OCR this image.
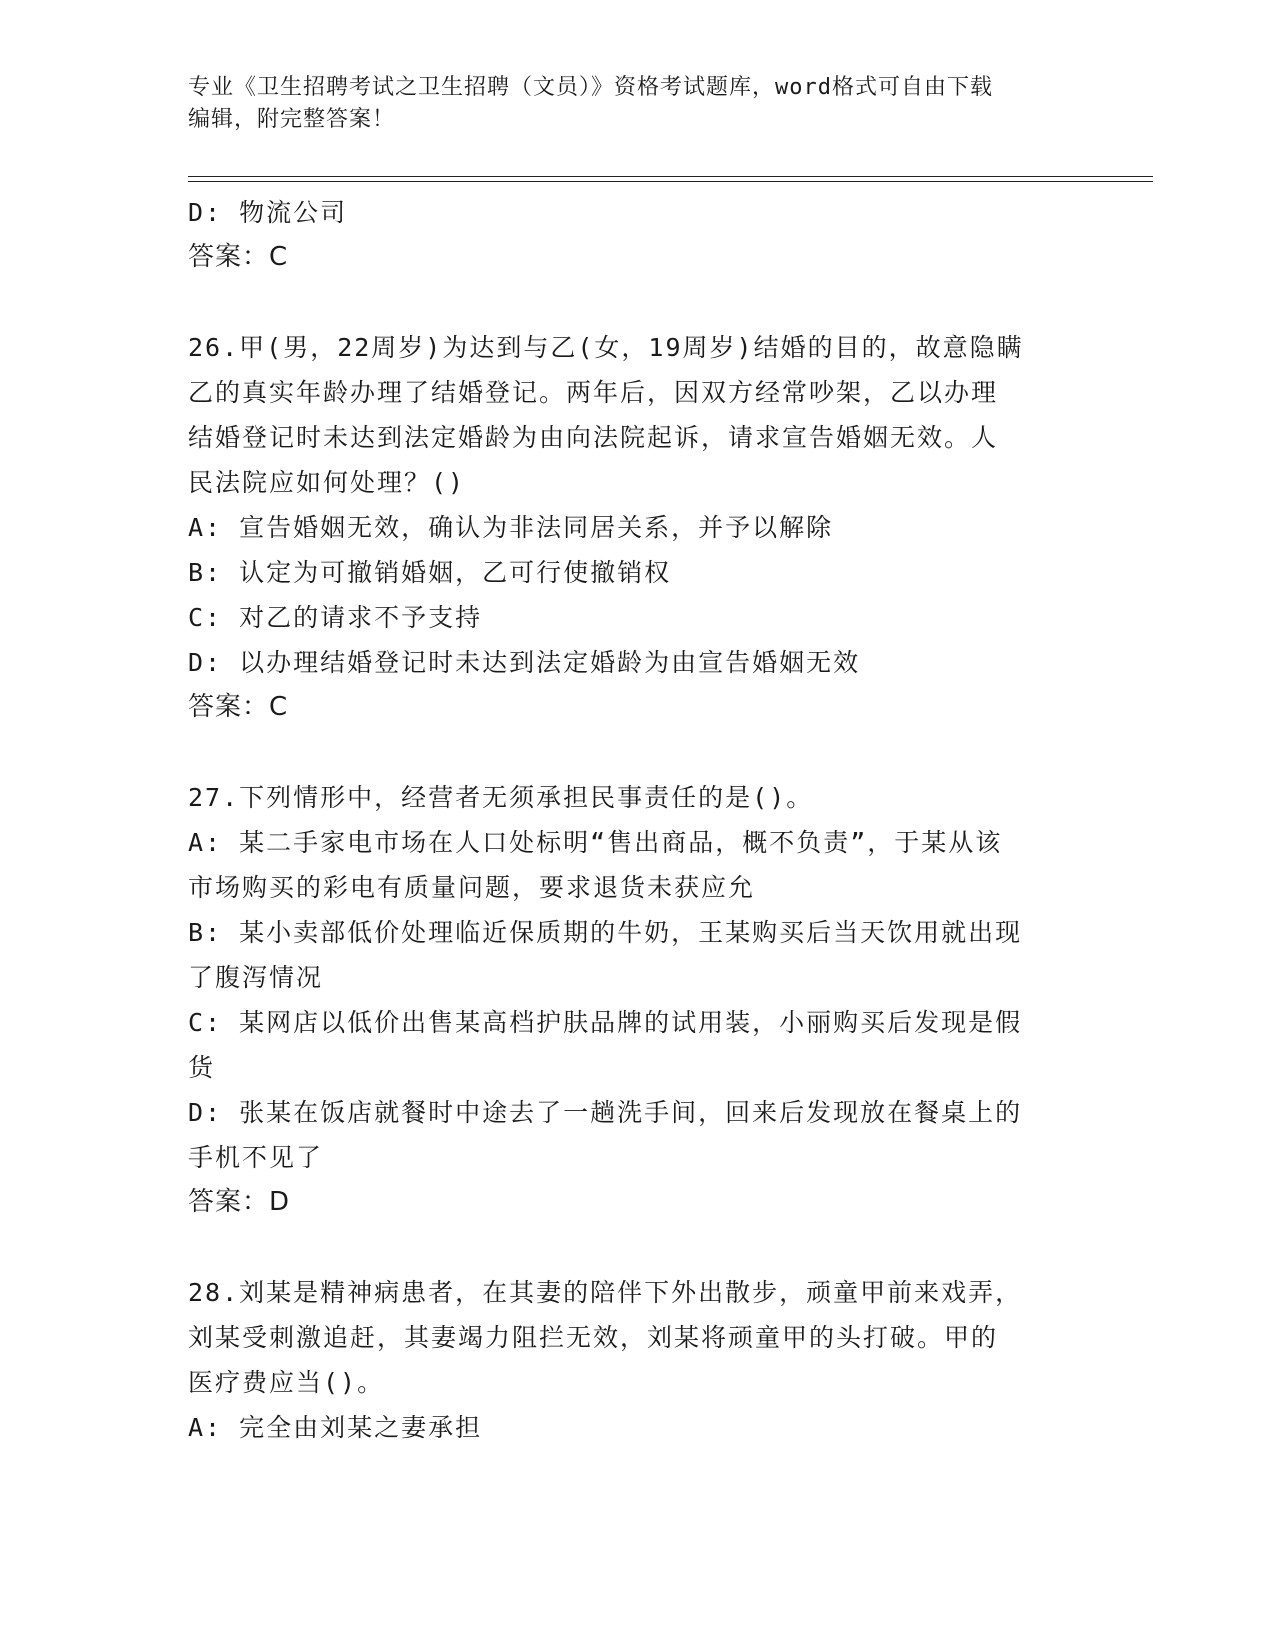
专业《卫生招聘考试之卫生招聘（文员）》资格考试题库，word格式可自由下载
编辑，附完整答案！
D: 物流公司
答案：C
26.甲(男，22周岁)为达到与乙(女，19周岁)结婚的目的，故意隐瞒
乙的真实年龄办理了结婚登记。两年后，因双方经常吵架，乙以办理
结婚登记时未达到法定婚龄为由向法院起诉，请求宣告婚姻无效。人
民法院应如何处理？()
A: 宣告婚姻无效，确认为非法同居关系，并予以解除
B: 认定为可撤销婚姻，乙可行使撤销权
C: 对乙的请求不予支持
D: 以办理结婚登记时未达到法定婚龄为由宣告婚姻无效
答案：C
27.下列情形中，经营者无须承担民事责任的是()。
A: 某二手家电市场在人口处标明“售出商品，概不负责”，于某从该
市场购买的彩电有质量问题，要求退货未获应允
B: 某小卖部低价处理临近保质期的牛奶，王某购买后当天饮用就出现
了腹泻情况
C: 某网店以低价出售某高档护肤品牌的试用装，小丽购买后发现是假
货
D: 张某在饭店就餐时中途去了一趟洗手间，回来后发现放在餐桌上的
手机不见了
答案：D
28.刘某是精神病患者，在其妻的陪伴下外出散步，顽童甲前来戏弄，
刘某受刺激追赶，其妻竭力阻拦无效，刘某将顽童甲的头打破。甲的
医疗费应当()。
A: 完全由刘某之妻承担
